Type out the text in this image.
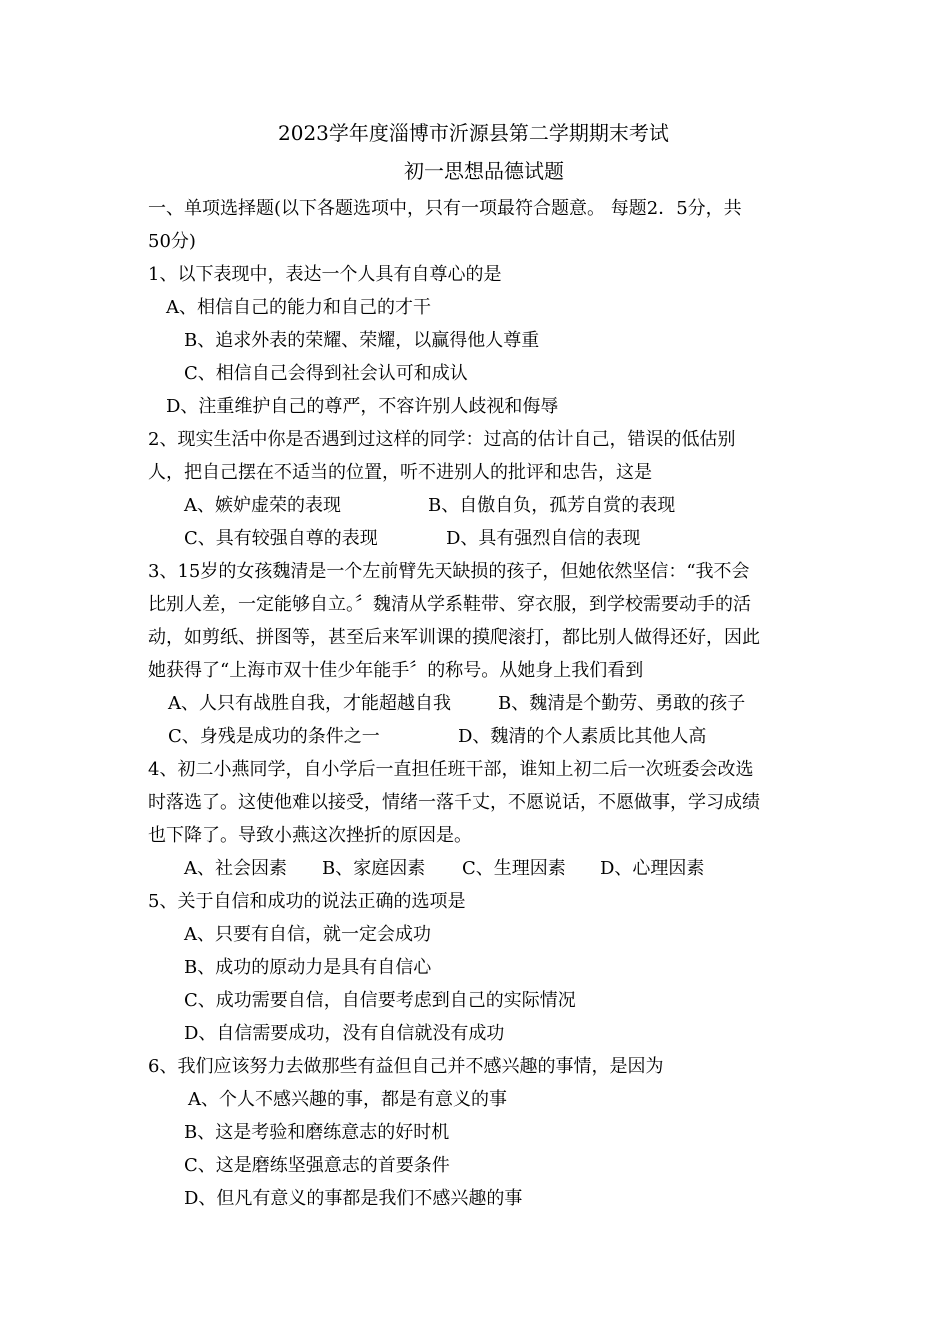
2023学年度淄博市沂源县第二学期期末考试
初一思想品德试题
一、单项选择题(以下各题选项中，只有一项最符合题意。 每题2．5分，共
50分)
1、以下表现中，表达一个人具有自尊心的是
A、相信自己的能力和自己的才干
B、追求外表的荣耀、荣耀，以赢得他人尊重
C、相信自己会得到社会认可和成认
D、注重维护自己的尊严，不容许别人歧视和侮辱
2、现实生活中你是否遇到过这样的同学：过高的估计自己，错误的低估别
人，把自己摆在不适当的位置，听不进别人的批评和忠告，这是
A、嫉妒虚荣的表现	B、自傲自负，孤芳自赏的表现
C、具有较强自尊的表现	D、具有强烈自信的表现
3、15岁的女孩魏清是一个左前臂先天缺损的孩子，但她依然坚信：“我不会
比别人差，一定能够自立。〞魏清从学系鞋带、穿衣服，到学校需要动手的活
动，如剪纸、拼图等，甚至后来军训课的摸爬滚打，都比别人做得还好，因此
她获得了“上海市双十佳少年能手〞的称号。从她身上我们看到
A、人只有战胜自我，才能超越自我	B、魏清是个勤劳、勇敢的孩子
C、身残是成功的条件之一	D、魏清的个人素质比其他人高
4、初二小燕同学，自小学后一直担任班干部，谁知上初二后一次班委会改选
时落选了。这使他难以接受，情绪一落千丈，不愿说话，不愿做事，学习成绩
也下降了。导致小燕这次挫折的原因是。
A、社会因素 B、家庭因素 C、生理因素 D、心理因素
5、关于自信和成功的说法正确的选项是
A、只要有自信，就一定会成功
B、成功的原动力是具有自信心
C、成功需要自信，自信要考虑到自己的实际情况
D、自信需要成功，没有自信就没有成功
6、我们应该努力去做那些有益但自己并不感兴趣的事情，是因为
A、个人不感兴趣的事，都是有意义的事
B、这是考验和磨练意志的好时机
C、这是磨练坚强意志的首要条件
D、但凡有意义的事都是我们不感兴趣的事
